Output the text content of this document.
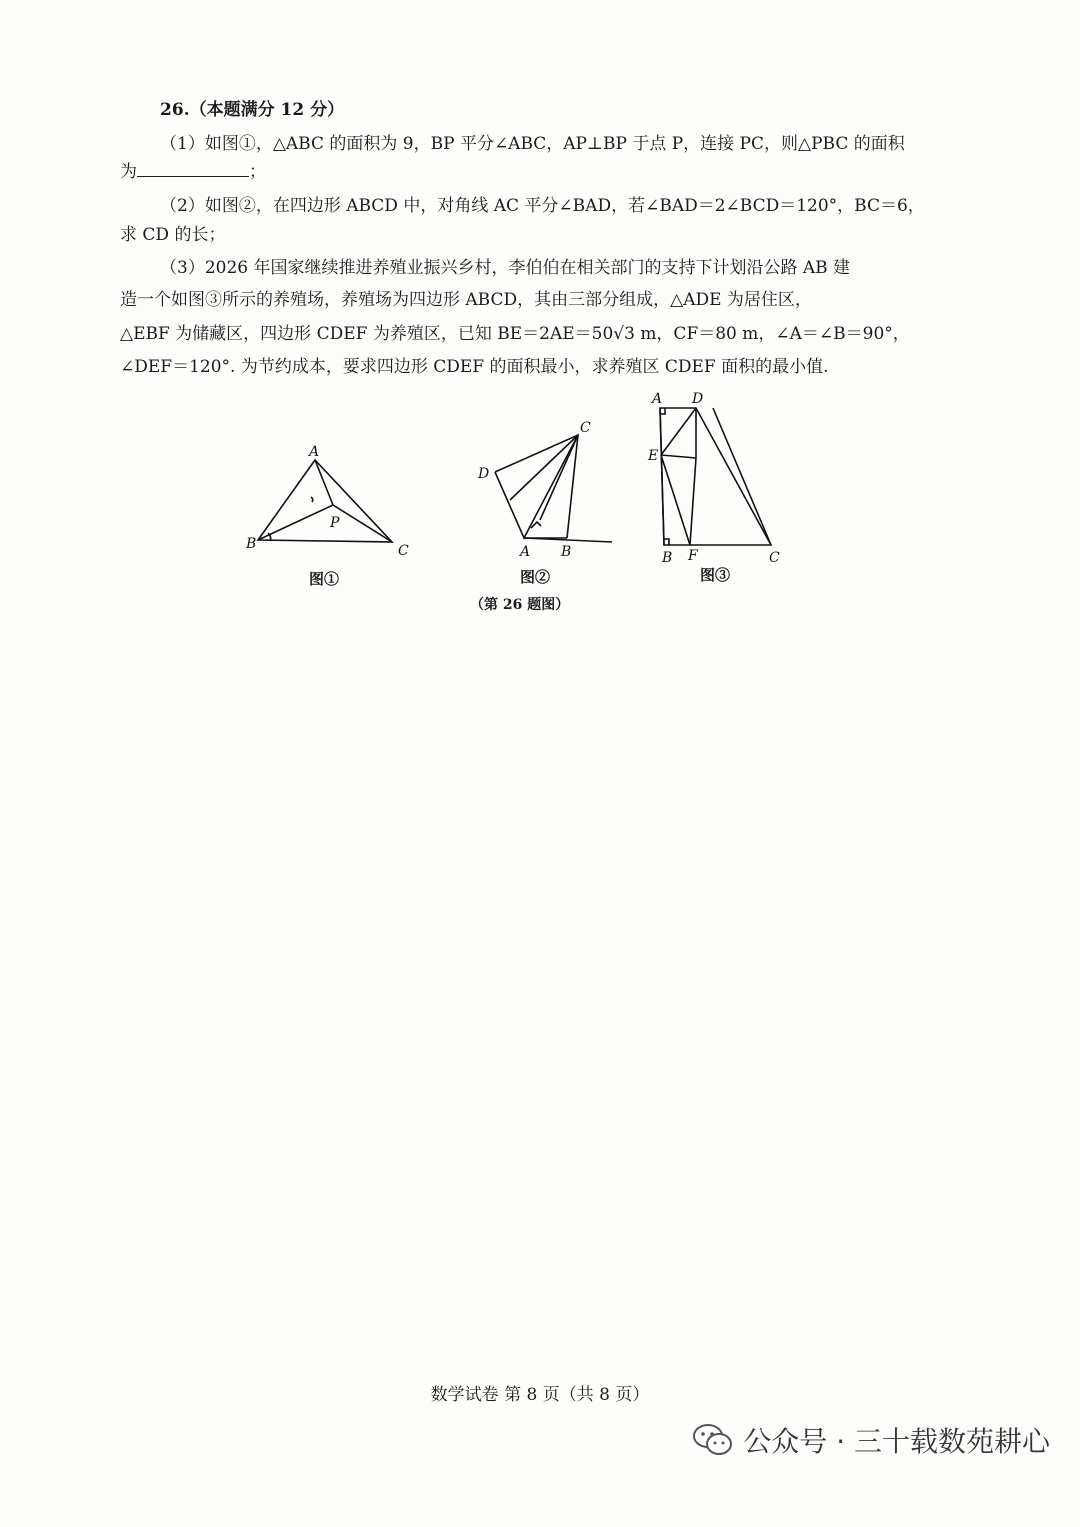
26.（本题满分 12 分）
（1）如图①，△ABC 的面积为 9，BP 平分∠ABC，AP⊥BP 于点 P，连接 PC，则△PBC 的面积
为	；
（2）如图②，在四边形 ABCD 中，对角线 AC 平分∠BAD，若∠BAD＝2∠BCD＝120°，BC＝6，
求 CD 的长；
（3）2026 年国家继续推进养殖业振兴乡村，李伯伯在相关部门的支持下计划沿公路 AB 建
造一个如图③所示的养殖场，养殖场为四边形 ABCD，其由三部分组成，△ADE 为居住区，
△EBF 为储藏区，四边形 CDEF 为养殖区，已知 BE＝2AE＝50√3 m，CF＝80 m，∠A＝∠B＝90°，
∠DEF＝120°. 为节约成本，要求四边形 CDEF 的面积最小，求养殖区 CDEF 面积的最小值.
A
B	C
P
C
D
A B
A D
E
B F	C
图①	图②	图③
（第 26 题图）
数学试卷 第 8 页（共 8 页）
公众号 · 三十载数苑耕心
